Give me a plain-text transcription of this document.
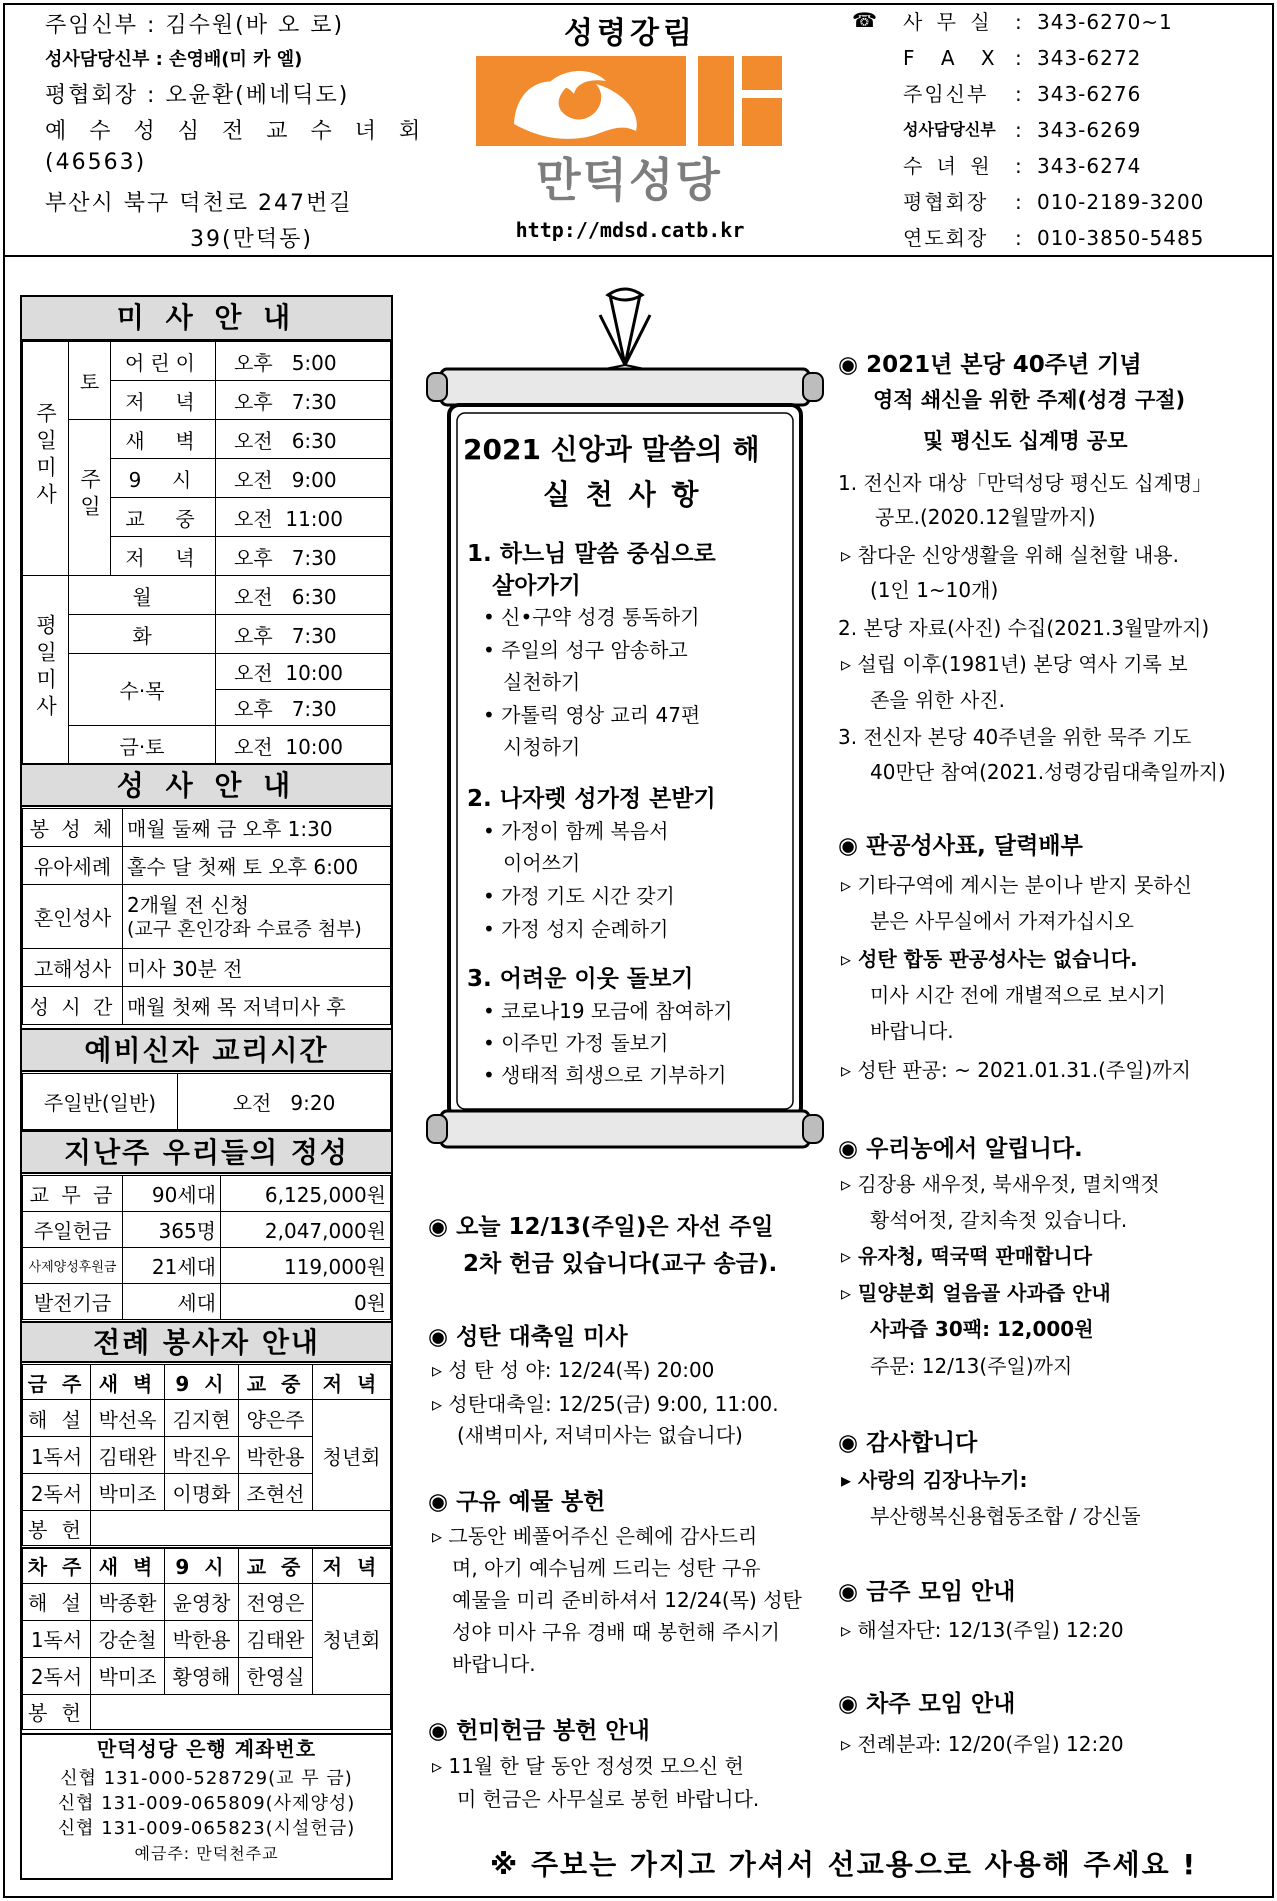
주임신부 : 김수원(바 오 로)
성사담당신부 : 손영배(미 카 엘)
평협회장 : 오윤환(베네딕도)
예 수 성 심 전 교 수 녀 회
(46563)
부산시 북구 덕천로 247번길
39(만덕동)
성령강림
만덕성당
http://mdsd.catb.kr
☎ 사 무 실	: 343-6270~1
F A X : 343-6272
주임신부	: 343-6276
성사담당신부 : 343-6269
수 녀 원	: 343-6274
평협회장	: 010-2189-3200
연도회장	: 010-3850-5485
미 사 안 내
주일미사	토	어린이	오후   5:00
		저  녁	오후   7:30
	주일	새  벽	오전   6:30
		9  시	오전   9:00
		교  중	오전  11:00
		저  녁	오후   7:30
평일미사	월		오전   6:30
	화		오후   7:30
	수·목		오전  10:00
			오후   7:30
	금·토		오전  10:00
성 사 안 내
봉 성 체	매월 둘째 금 오후 1:30
유아세례	홀수 달 첫째 토 오후 6:00
혼인성사	2개월 전 신청
(교구 혼인강좌 수료증 첨부)

고해성사	미사 30분 전
성 시 간	매월 첫째 목 저녁미사 후
예비신자 교리시간
주일반(일반)	오전   9:20
지난주 우리들의 정성
교 무 금	90세대	6,125,000원
주일헌금	365명	2,047,000원
사제양성후원금	21세대	119,000원
발전기금	세대	0원
전례 봉사자 안내
금 주	새 벽	9 시	교 중	저 녁
해 설	박선옥	김지현	양은주	청년회
1독서	김태완	박진우	박한용	
2독서	박미조	이명화	조현선	
봉 헌				
차 주	새 벽	9 시	교 중	저 녁
해 설	박종환	윤영창	전영은	청년회
1독서	강순철	박한용	김태완	
2독서	박미조	황영해	한영실	
봉 헌				
만덕성당 은행 계좌번호
신협 131-000-528729(교 무 금)
신협 131-009-065809(사제양성)
신협 131-009-065823(시설헌금)
예금주: 만덕천주교
2021 신앙과 말씀의 해
실 천 사 항
1. 하느님 말씀 중심으로
살아가기
• 신•구약 성경 통독하기
• 주일의 성구 암송하고
실천하기
• 가톨릭 영상 교리 47편
시청하기
2. 나자렛 성가정 본받기
• 가정이 함께 복음서
이어쓰기
• 가정 기도 시간 갖기
• 가정 성지 순례하기
3. 어려운 이웃 돌보기
• 코로나19 모금에 참여하기
• 이주민 가정 돌보기
• 생태적 희생으로 기부하기
◉ 오늘 12/13(주일)은 자선 주일
2차 헌금 있습니다(교구 송금).
◉ 성탄 대축일 미사
▹ 성 탄 성 야: 12/24(목) 20:00
▹ 성탄대축일: 12/25(금) 9:00, 11:00.
(새벽미사, 저녁미사는 없습니다)
◉ 구유 예물 봉헌
▹ 그동안 베풀어주신 은혜에 감사드리
며, 아기 예수님께 드리는 성탄 구유
예물을 미리 준비하셔서 12/24(목) 성탄
성야 미사 구유 경배 때 봉헌해 주시기
바랍니다.
◉ 헌미헌금 봉헌 안내
▹ 11월 한 달 동안 정성껏 모으신 헌
미 헌금은 사무실로 봉헌 바랍니다.
◉ 2021년 본당 40주년 기념
영적 쇄신을 위한 주제(성경 구절)
및 평신도 십계명 공모
1. 전신자 대상「만덕성당 평신도 십계명」
공모.(2020.12월말까지)
▹ 참다운 신앙생활을 위해 실천할 내용.
(1인 1~10개)
2. 본당 자료(사진) 수집(2021.3월말까지)
▹ 설립 이후(1981년) 본당 역사 기록 보
존을 위한 사진.
3. 전신자 본당 40주년을 위한 묵주 기도
40만단 참여(2021.성령강림대축일까지)
◉ 판공성사표, 달력배부
▹ 기타구역에 계시는 분이나 받지 못하신
분은 사무실에서 가져가십시오
▹ 성탄 합동 판공성사는 없습니다.
미사 시간 전에 개별적으로 보시기
바랍니다.
▹ 성탄 판공: ~ 2021.01.31.(주일)까지
◉ 우리농에서 알립니다.
▹ 김장용 새우젓, 북새우젓, 멸치액젓
황석어젓, 갈치속젓 있습니다.
▹ 유자청, 떡국떡 판매합니다
▹ 밀양분회 얼음골 사과즙 안내
사과즙 30팩: 12,000원
주문: 12/13(주일)까지
◉ 감사합니다
▸ 사랑의 김장나누기:
부산행복신용협동조합 / 강신돌
◉ 금주 모임 안내
▹ 해설자단: 12/13(주일) 12:20
◉ 차주 모임 안내
▹ 전례분과: 12/20(주일) 12:20
※ 주보는 가지고 가셔서 선교용으로 사용해 주세요 !
